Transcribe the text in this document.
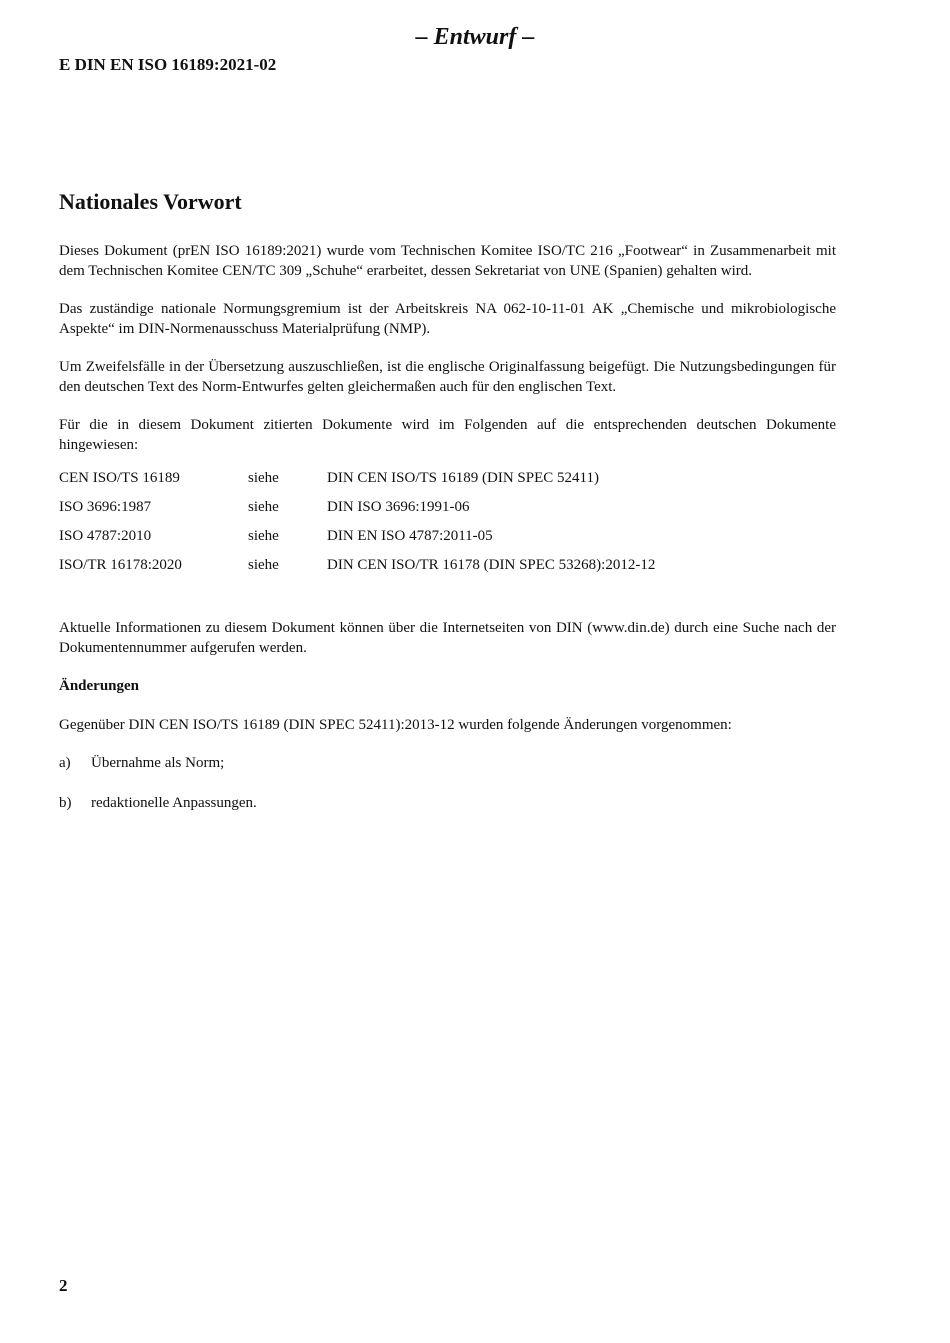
– Entwurf –
E DIN EN ISO 16189:2021-02
Nationales Vorwort

Dieses Dokument (prEN ISO 16189:2021) wurde vom Technischen Komitee ISO/TC 216 „Footwear“ in Zusammenarbeit mit dem Technischen Komitee CEN/TC 309 „Schuhe“ erarbeitet, dessen Sekretariat von UNE (Spanien) gehalten wird.

Das zuständige nationale Normungsgremium ist der Arbeitskreis NA 062-10-11-01 AK „Chemische und mikrobiologische Aspekte“ im DIN-Normenausschuss Materialprüfung (NMP).

Um Zweifelsfälle in der Übersetzung auszuschließen, ist die englische Originalfassung beigefügt. Die Nutzungsbedingungen für den deutschen Text des Norm-Entwurfes gelten gleichermaßen auch für den englischen Text.

Für die in diesem Dokument zitierten Dokumente wird im Folgenden auf die entsprechenden deutschen Dokumente hingewiesen:

CEN ISO/TS 16189	siehe	DIN CEN ISO/TS 16189 (DIN SPEC 52411)
ISO 3696:1987	siehe	DIN ISO 3696:1991-06
ISO 4787:2010	siehe	DIN EN ISO 4787:2011-05
ISO/TR 16178:2020	siehe	DIN CEN ISO/TR 16178 (DIN SPEC 53268):2012-12

Aktuelle Informationen zu diesem Dokument können über die Internetseiten von DIN (www.din.de) durch eine Suche nach der Dokumentennummer aufgerufen werden.

Änderungen

Gegenüber DIN CEN ISO/TS 16189 (DIN SPEC 52411):2013-12 wurden folgende Änderungen vorgenommen:

a)	Übernahme als Norm;
b)	redaktionelle Anpassungen.
2
